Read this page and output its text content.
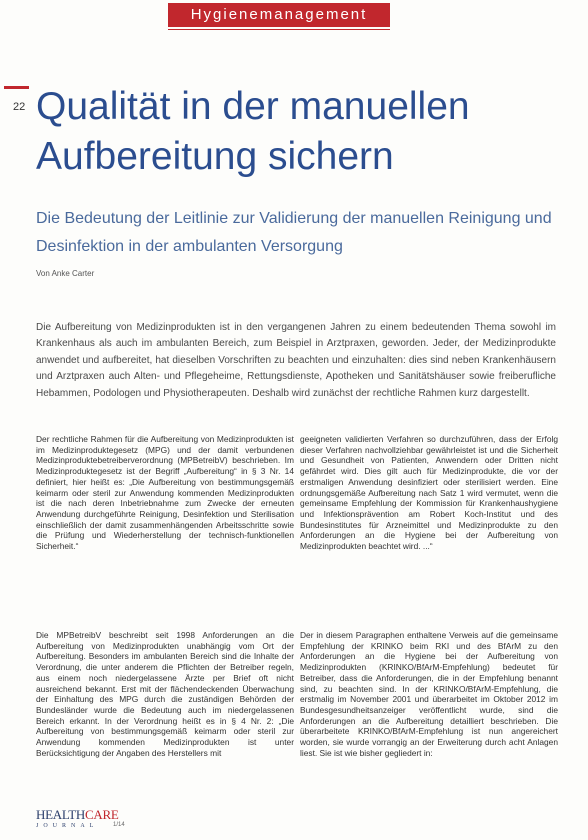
Hygienemanagement
22 Qualität in der manuellen Aufbereitung sichern

Die Bedeutung der Leitlinie zur Validierung der manuellen Reinigung und Desinfektion in der ambulanten Versorgung

Von Anke Carter

Die Aufbereitung von Medizinprodukten ist in den vergangenen Jahren zu einem bedeutenden Thema sowohl im Krankenhaus als auch im ambulanten Bereich, zum Beispiel in Arztpraxen, geworden. Jeder, der Medizinprodukte anwendet und aufbereitet, hat dieselben Vorschriften zu beachten und einzuhalten: dies sind neben Krankenhäusern und Arztpraxen auch Alten- und Pflegeheime, Rettungsdienste, Apotheken und Sanitätshäuser sowie freiberufliche Hebammen, Podologen und Physiotherapeuten. Deshalb wird zunächst der rechtliche Rahmen kurz dargestellt.

Der rechtliche Rahmen für die Aufbereitung von Medizinprodukten ist im Medizinproduktegesetz (MPG) und der damit verbundenen Medizinproduktebetreiberverordnung (MPBetreibV) beschrieben. Im Medizinproduktegesetz ist der Begriff „Aufbereitung“ in § 3 Nr. 14 definiert, hier heißt es: „Die Aufbereitung von bestimmungsgemäß keimarm oder steril zur Anwendung kommenden Medizinprodukten ist die nach deren Inbetriebnahme zum Zwecke der erneuten Anwendung durchgeführte Reinigung, Desinfektion und Sterilisation einschließlich der damit zusammenhängenden Arbeitsschritte sowie die Prüfung und Wiederherstellung der technisch-funktionellen Sicherheit.“

Die MPBetreibV beschreibt seit 1998 Anforderungen an die Aufbereitung von Medizinprodukten unabhängig vom Ort der Aufbereitung. Besonders im ambulanten Bereich sind die Inhalte der Verordnung, die unter anderem die Pflichten der Betreiber regeln, aus einem noch niedergelassene Ärzte per Brief oft nicht ausreichend bekannt. Erst mit der flächendeckenden Überwachung der Einhaltung des MPG durch die zuständigen Behörden der Bundesländer wurde die Bedeutung auch im niedergelassenen Bereich erkannt. In der Verordnung heißt es in § 4 Nr. 2: „Die Aufbereitung von bestimmungsgemäß keimarm oder steril zur Anwendung kommenden Medizinprodukten ist unter Berücksichtigung der Angaben des Herstellers mit

geeigneten validierten Verfahren so durchzuführen, dass der Erfolg dieser Verfahren nachvollziehbar gewährleistet ist und die Sicherheit und Gesundheit von Patienten, Anwendern oder Dritten nicht gefährdet wird. Dies gilt auch für Medizinprodukte, die vor der erstmaligen Anwendung desinfiziert oder sterilisiert werden. Eine ordnungsgemäße Aufbereitung nach Satz 1 wird vermutet, wenn die gemeinsame Empfehlung der Kommission für Krankenhaushygiene und Infektionsprävention am Robert Koch-Institut und des Bundesinstitutes für Arzneimittel und Medizinprodukte zu den Anforderungen an die Hygiene bei der Aufbereitung von Medizinprodukten beachtet wird. ...“

Der in diesem Paragraphen enthaltene Verweis auf die gemeinsame Empfehlung der KRINKO beim RKI und des BfArM zu den Anforderungen an die Hygiene bei der Aufbereitung von Medizinprodukten (KRINKO/BfArM-Empfehlung) bedeutet für Betreiber, dass die Anforderungen, die in der Empfehlung benannt sind, zu beachten sind. In der KRINKO/BfArM-Empfehlung, die erstmalig im November 2001 und überarbeitet im Oktober 2012 im Bundesgesundheitsanzeiger veröffentlicht wurde, sind die Anforderungen an die Aufbereitung detailliert beschrieben. Die überarbeitete KRINKO/BfArM-Empfehlung ist nun angereichert worden, sie wurde vorrangig an der Erweiterung durch acht Anlagen liest. Sie ist wie bisher gegliedert in:

HEALTHCARE
JOURNAL	1/14
